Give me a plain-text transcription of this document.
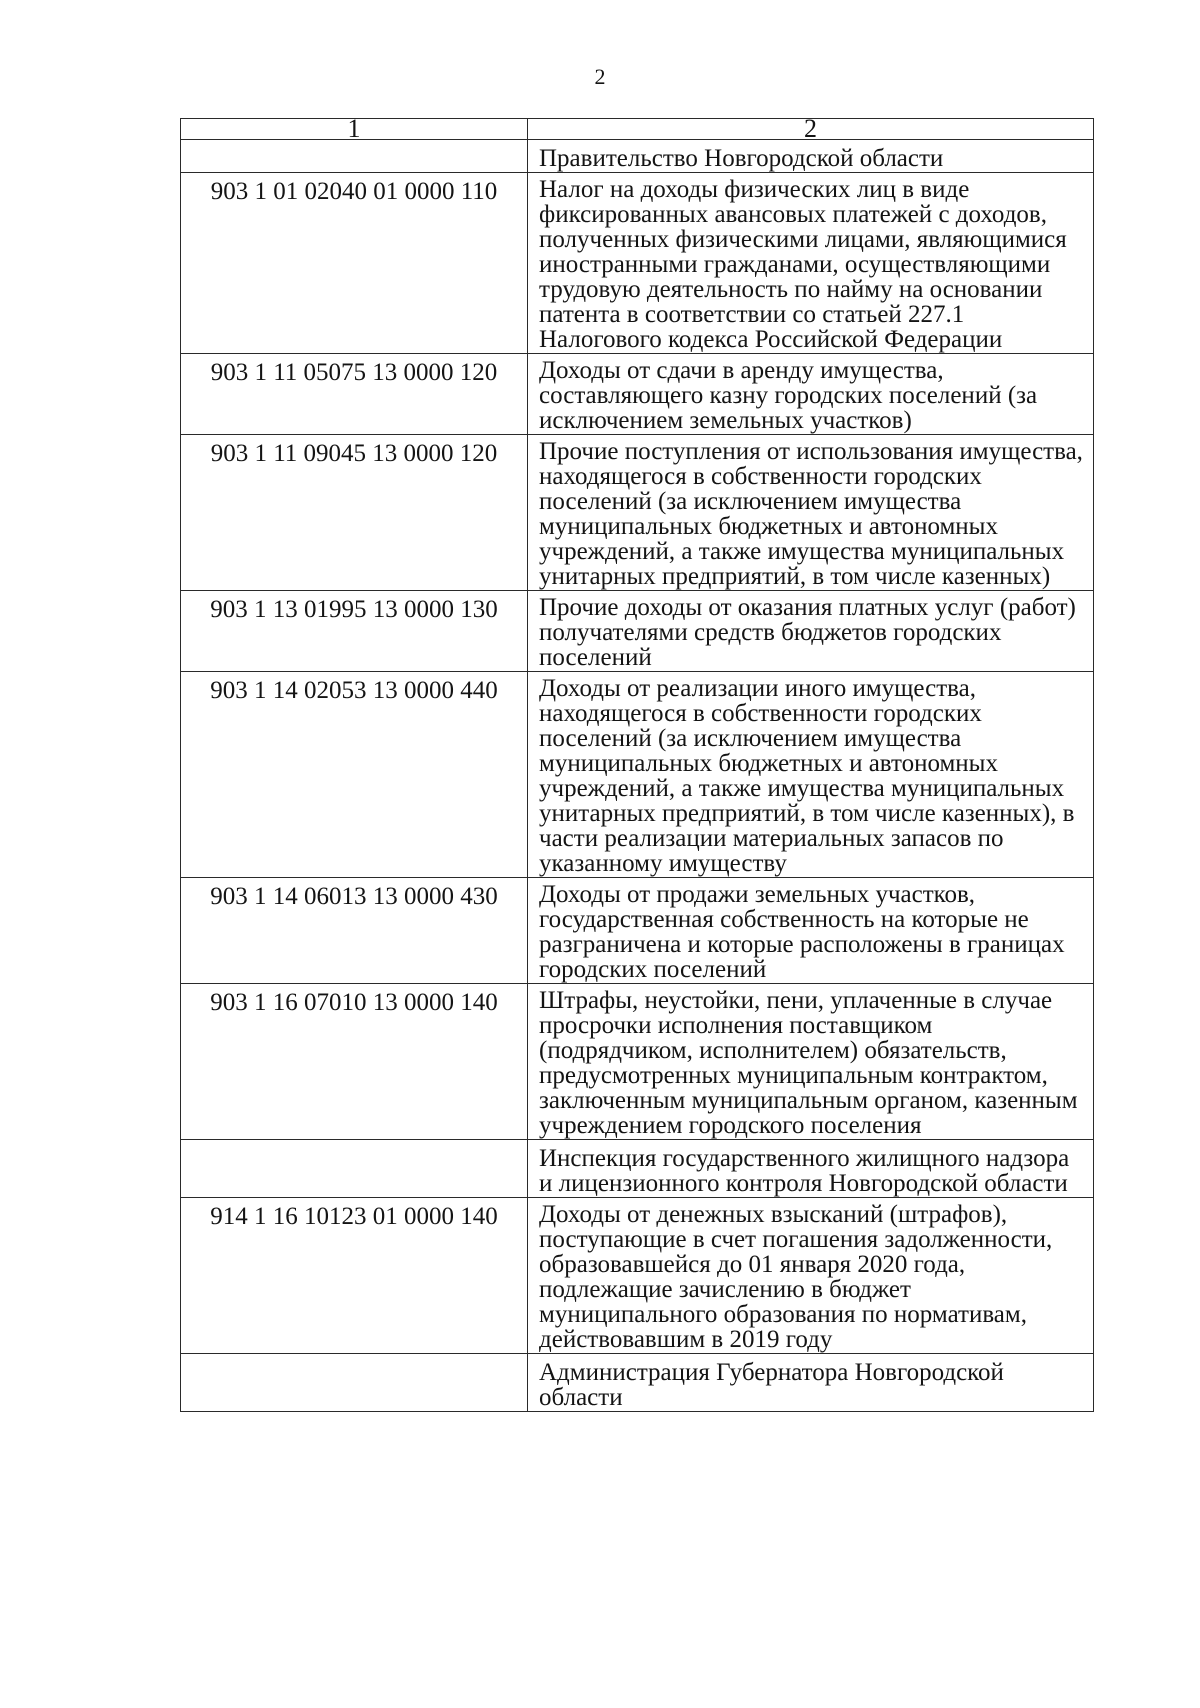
2
1	2
	Правительство Новгородской области
903 1 01 02040 01 0000 110	Налог на доходы физических лиц в виде фиксированных авансовых платежей с доходов, полученных физическими лицами, являющимися иностранными гражданами, осуществляющими трудовую деятельность по найму на основании патента в соответствии со статьей 227.1 Налогового кодекса Российской Федерации
903 1 11 05075 13 0000 120	Доходы от сдачи в аренду имущества, составляющего казну городских поселений (за исключением земельных участков)
903 1 11 09045 13 0000 120	Прочие поступления от использования имущества, находящегося в собственности городских поселений (за исключением имущества муниципальных бюджетных и автономных учреждений, а также имущества муниципальных унитарных предприятий, в том числе казенных)
903 1 13 01995 13 0000 130	Прочие доходы от оказания платных услуг (работ) получателями средств бюджетов городских поселений
903 1 14 02053 13 0000 440	Доходы от реализации иного имущества, находящегося в собственности городских поселений (за исключением имущества муниципальных бюджетных и автономных учреждений, а также имущества муниципальных унитарных предприятий, в том числе казенных), в части реализации материальных запасов по указанному имуществу
903 1 14 06013 13 0000 430	Доходы от продажи земельных участков, государственная собственность на которые не разграничена и которые расположены в границах городских поселений
903 1 16 07010 13 0000 140	Штрафы, неустойки, пени, уплаченные в случае просрочки исполнения поставщиком (подрядчиком, исполнителем) обязательств, предусмотренных муниципальным контрактом, заключенным муниципальным органом, казенным учреждением городского поселения
	Инспекция государственного жилищного надзора и лицензионного контроля Новгородской области
914 1 16 10123 01 0000 140	Доходы от денежных взысканий (штрафов), поступающие в счет погашения задолженности, образовавшейся до 01 января 2020 года, подлежащие зачислению в бюджет муниципального образования по нормативам, действовавшим в 2019 году
	Администрация Губернатора Новгородской области
